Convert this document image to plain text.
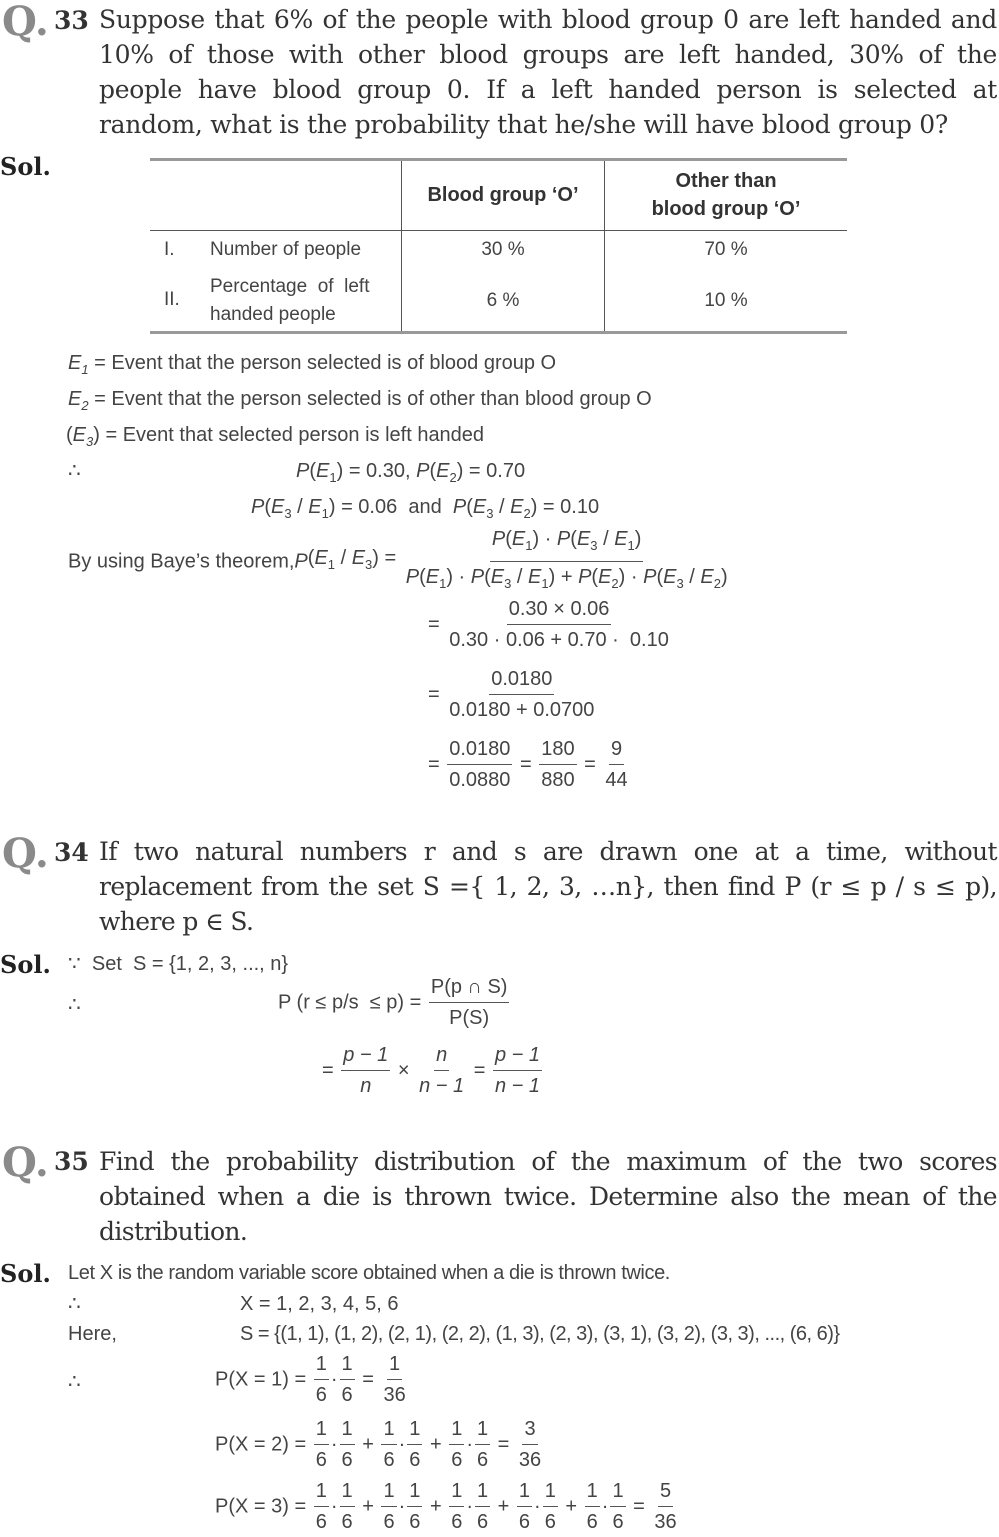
Q. 33 Suppose that 6% of the people with blood group 0 are left handed and
10% of those with other blood groups are left handed, 30% of the
people have blood group 0. If a left handed person is selected at
random, what is the probability that he/she will have blood group 0?
Sol.
	Blood group ‘O’	Other than
blood group ‘O’

I. Number of people	30 %	70 %

II.
Percentage  of  left
handed people	6 %	10 %
$E_1$ = Event that the person selected is of blood group O
$E_2$ = Event that the person selected is of other than blood group O
$(E_3)$ = Event that selected person is left handed
∴	$P(E_1) = 0.30$, $P(E_2) = 0.70$
$P(E_3 / E_1) = 0.06$ and $P(E_3 / E_2) = 0.10$
By using Baye’s $theorem,P(E_1 / E_3) = \frac{P(E_1) \cdot P(E_3 / E_1)}{P(E_1) \cdot P(E_3 / E_1) + P(E_2) \cdot P(E_3 / E_2)}$
= $\frac{0.30 \times 0.06}{0.30 \cdot 0.06 + 0.70 \cdot 0.10}$
= $\frac{0.0180}{0.0180 + 0.0700}$
= $\frac{0.0180}{0.0880} = \frac{180}{880} = \frac{9}{44}$
Q. 34 If two natural numbers r and s are drawn one at a time, without
replacement from the set S ={ 1, 2, 3, …n}, then find P (r ≤ p / s ≤ p),
where p ∈ S.
Sol. ∵ Set  S = {1, 2, 3, ..., n}
∴	P $(r \le p/s \le p) = \frac{P(p \cap S)}{P(S)}$
= $\frac{p - 1}{n} \times \frac{n}{n - 1} = \frac{p - 1}{n - 1}$
Q. 35 Find the probability distribution of the maximum of the two scores
obtained when a die is thrown twice. Determine also the mean of the
distribution.
Sol. Let X is the random variable score obtained when a die is thrown twice.
∴	X = 1, 2, 3, 4, 5, 6
Here,	S = {(1, 1), (1, 2), (2, 1), (2, 2), (1, 3), (2, 3), (3, 1), (3, 2), (3, 3), ..., (6, 6)}
∴	$P(X = 1) = \frac{1}{6} \cdot \frac{1}{6} = \frac{1}{36}$
$P(X = 2) = \frac{1}{6} \cdot \frac{1}{6} + \frac{1}{6} \cdot \frac{1}{6} + \frac{1}{6} \cdot \frac{1}{6} = \frac{3}{36}$
$P(X = 3) = \frac{1}{6} \cdot \frac{1}{6} + \frac{1}{6} \cdot \frac{1}{6} + \frac{1}{6} \cdot \frac{1}{6} + \frac{1}{6} \cdot \frac{1}{6} + \frac{1}{6} \cdot \frac{1}{6} = \frac{5}{36}$
